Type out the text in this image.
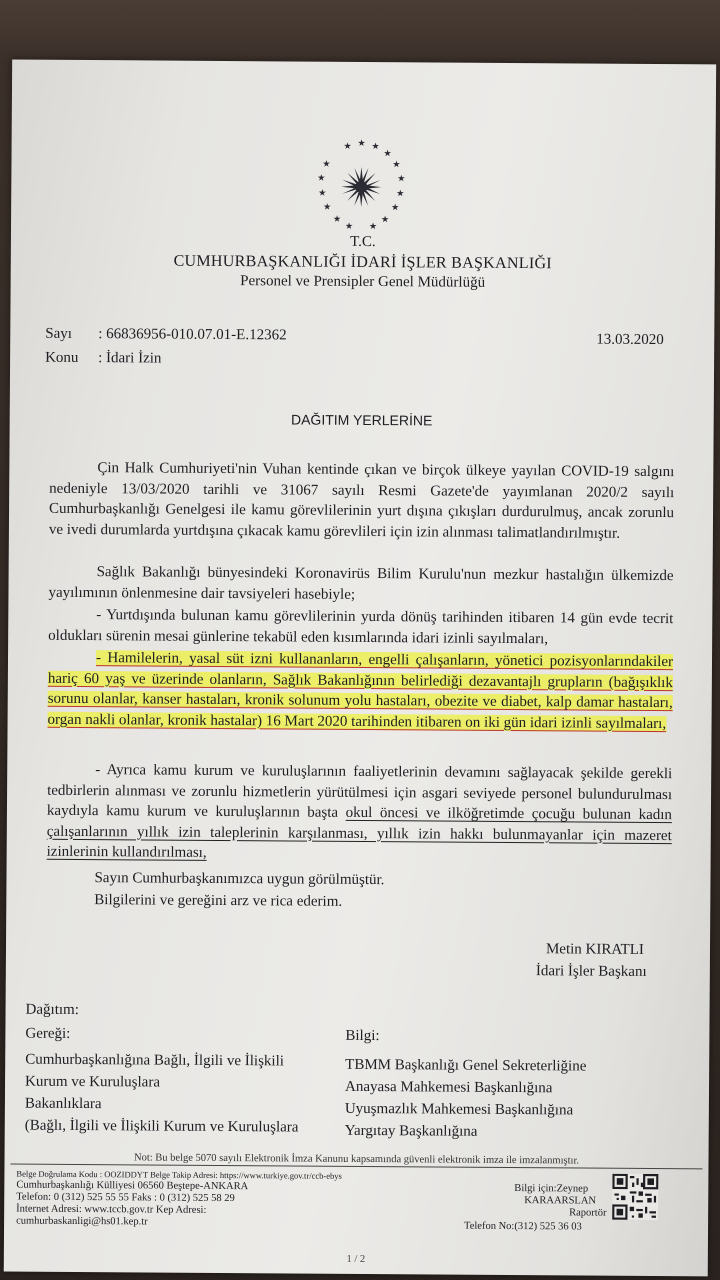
★ ★
★
★
★
★
★
★
★
★
★
★
★
★
★
★
T.C.
CUMHURBAŞKANLIĞI İDARİ İŞLER BAŞKANLIĞI
Personel ve Prensipler Genel Müdürlüğü
Sayı : 66836956-010.07.01-E.12362	13.03.2020
Konu : İdari İzin
DAĞITIM YERLERİNE
Çin Halk Cumhuriyeti'nin Vuhan kentinde çıkan ve birçok ülkeye yayılan COVID-19 salgını nedeniyle 13/03/2020 tarihli ve 31067 sayılı Resmi Gazete'de yayımlanan 2020/2 sayılı Cumhurbaşkanlığı Genelgesi ile kamu görevlilerinin yurt dışına çıkışları durdurulmuş, ancak zorunlu ve ivedi durumlarda yurtdışına çıkacak kamu görevlileri için izin alınması talimatlandırılmıştır.
Sağlık Bakanlığı bünyesindeki Koronavirüs Bilim Kurulu'nun mezkur hastalığın ülkemizde yayılımının önlenmesine dair tavsiyeleri hasebiyle;
- Yurtdışında bulunan kamu görevlilerinin yurda dönüş tarihinden itibaren 14 gün evde tecrit oldukları sürenin mesai günlerine tekabül eden kısımlarında idari izinli sayılmaları,
- Hamilelerin, yasal süt izni kullananların, engelli çalışanların, yönetici pozisyonlarındakiler hariç 60 yaş ve üzerinde olanların, Sağlık Bakanlığının belirlediği dezavantajlı grupların (bağışıklık sorunu olanlar, kanser hastaları, kronik solunum yolu hastaları, obezite ve diabet, kalp damar hastaları, organ nakli olanlar, kronik hastalar) 16 Mart 2020 tarihinden itibaren on iki gün idari izinli sayılmaları,
- Ayrıca kamu kurum ve kuruluşlarının faaliyetlerinin devamını sağlayacak şekilde gerekli tedbirlerin alınması ve zorunlu hizmetlerin yürütülmesi için asgari seviyede personel bulundurulması kaydıyla kamu kurum ve kuruluşlarının başta okul öncesi ve ilköğretimde çocuğu bulunan kadın çalışanlarının yıllık izin taleplerinin karşılanması, yıllık izin hakkı bulunmayanlar için mazeret izinlerinin kullandırılması,
Sayın Cumhurbaşkanımızca uygun görülmüştür.
Bilgilerini ve gereğini arz ve rica ederim.
Metin KIRATLI
İdari İşler Başkanı
Dağıtım:
Gereği:
Cumhurbaşkanlığına Bağlı, İlgili ve İlişkili
Kurum ve Kuruluşlara
Bakanlıklara
(Bağlı, İlgili ve İlişkili Kurum ve Kuruluşlara
Bilgi:
TBMM Başkanlığı Genel Sekreterliğine
Anayasa Mahkemesi Başkanlığına
Uyuşmazlık Mahkemesi Başkanlığına
Yargıtay Başkanlığına
Not: Bu belge 5070 sayılı Elektronik İmza Kanunu kapsamında güvenli elektronik imza ile imzalanmıştır.
Belge Doğrulama Kodu : OOZIDDYT Belge Takip Adresi: https://www.turkiye.gov.tr/ccb-ebys
Cumhurbaşkanlığı Külliyesi 06560 Beştepe-ANKARA
Telefon: 0 (312) 525 55 55 Faks : 0 (312) 525 58 29
İnternet Adresi: www.tccb.gov.tr Kep Adresi:
cumhurbaskanligi@hs01.kep.tr
Bilgi için:Zeynep
KARAARSLAN
Raportör
Telefon No:(312) 525 36 03
1 / 2
